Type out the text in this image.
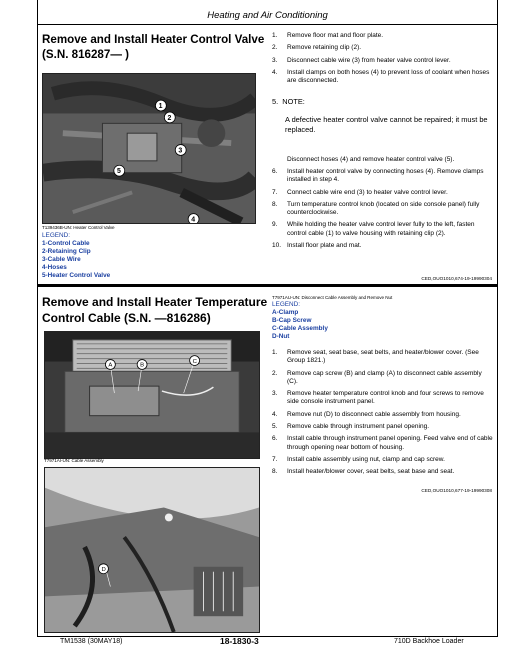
Heating and Air Conditioning
Remove and Install Heater Control Valve (S.N. 816287— )
1
2
3
4
5
T139436B-UN: Heater Control Valve
LEGEND:
1-Control Cable
2-Retaining Clip
3-Cable Wire
4-Hoses
5-Heater Control Valve
1. Remove floor mat and floor plate.
2. Remove retaining clip (2).
3. Disconnect cable wire (3) from heater valve control lever.
4. Install clamps on both hoses (4) to prevent loss of coolant when hoses are disconnected.
5. NOTE:
A defective heater control valve cannot be repaired; it must be replaced.
Disconnect hoses (4) and remove heater control valve (5).
6. Install heater control valve by connecting hoses (4). Remove clamps installed in step 4.
7. Connect cable wire end (3) to heater valve control lever.
8. Turn temperature control knob (located on side console panel) fully counterclockwise.
9. While holding the heater valve control lever fully to the left, fasten control cable (1) to valve housing with retaining clip (2).
10. Install floor plate and mat.
CED,OUO1010,674-19-19990304
Remove and Install Heater Temperature Control Cable (S.N. —816286)
T7971AU-UN: Disconnect Cable Assembly and Remove Nut
LEGEND:
A-Clamp
B-Cap Screw
C-Cable Assembly
D-Nut
A	B
C
T7971AI-UN: Cable Assembly
D
1. Remove seat, seat base, seat belts, and heater/blower cover. (See Group 1821.)
2. Remove cap screw (B) and clamp (A) to disconnect cable assembly (C).
3. Remove heater temperature control knob and four screws to remove side console instrument panel.
4. Remove nut (D) to disconnect cable assembly from housing.
5. Remove cable through instrument panel opening.
6. Install cable through instrument panel opening. Feed valve end of cable through opening near bottom of housing.
7. Install cable assembly using nut, clamp and cap screw.
8. Install heater/blower cover, seat belts, seat base and seat.
CED,OUO1010,677-19-19990308
TM1538 (30MAY18)	18-1830-3	710D Backhoe Loader
